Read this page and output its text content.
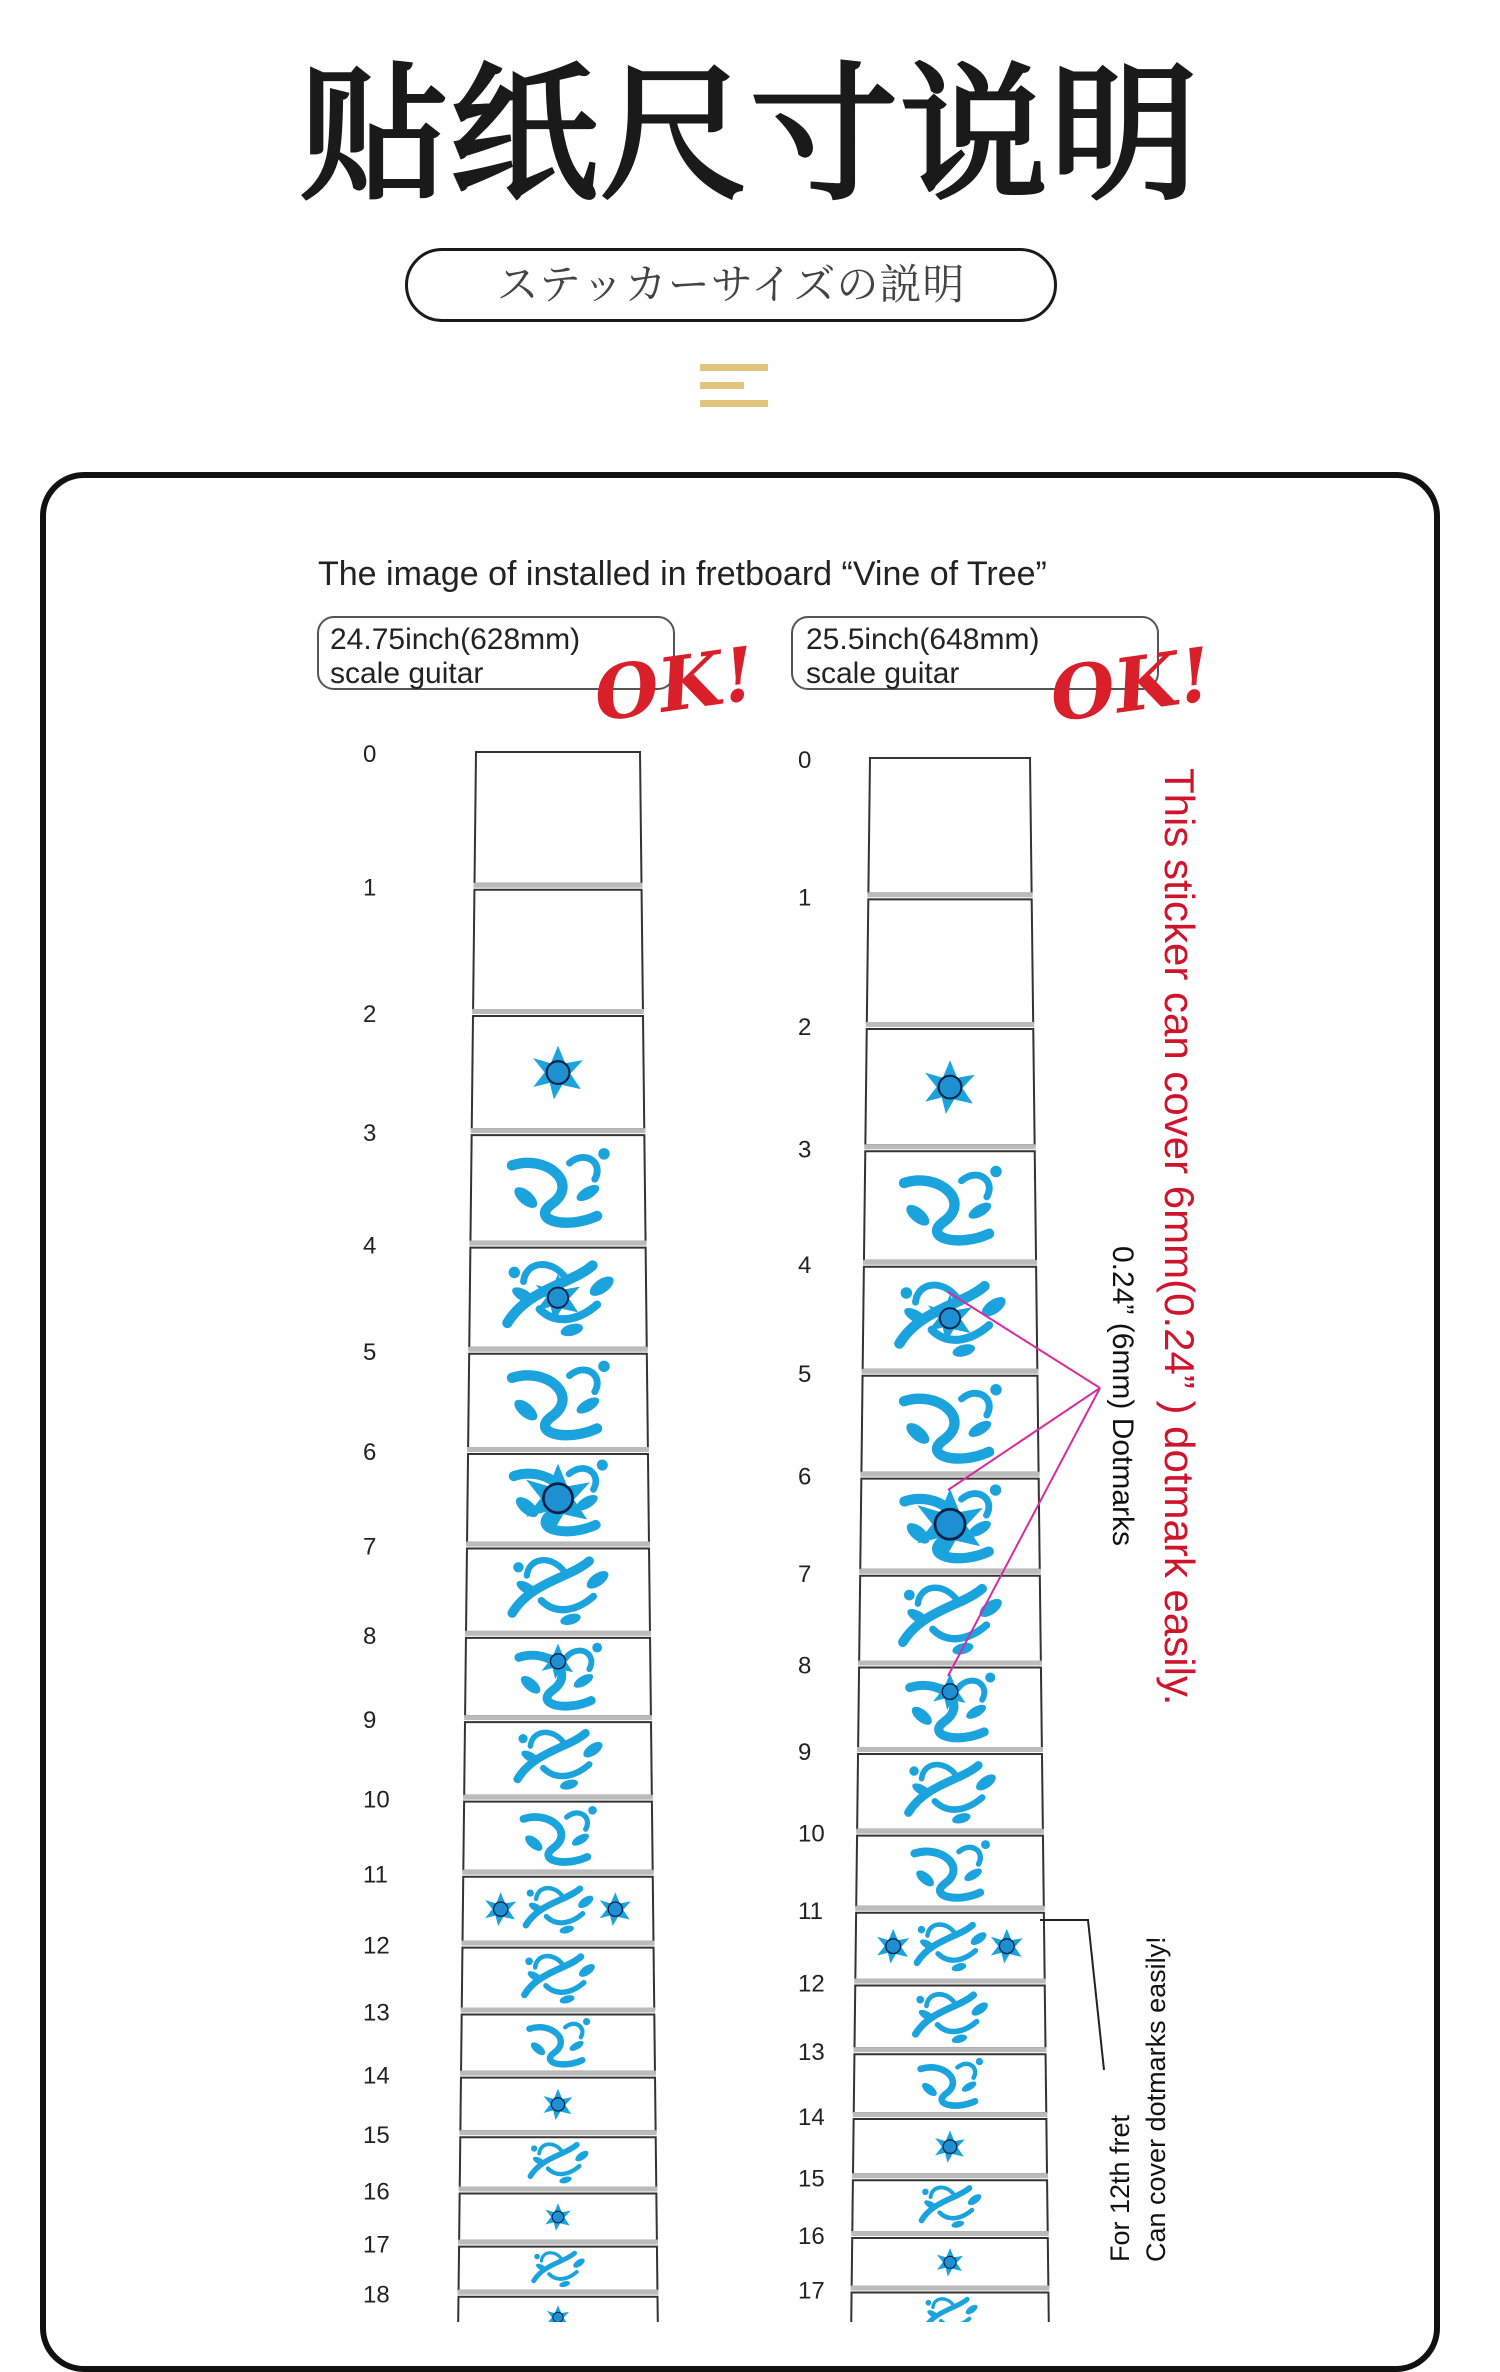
贴纸尺寸说明
ステッカーサイズの説明
The image of installed in fretboard “Vine of Tree”
24.75inch(628mm)
scale guitar OK! 25.5inch(648mm)
scale guitar OK!
0
1
2
3
4
5
6
7
8
9
10
11
12
13
14
15
16
17
18
0
1
2
3
4
5
6
7
8
9
10
11
12
13
14
15
16
17
This sticker can cover 6mm(0.24” ) dotmark easily.
0.24” (6mm) Dotmarks
For 12th fret Can cover dotmarks easily!
